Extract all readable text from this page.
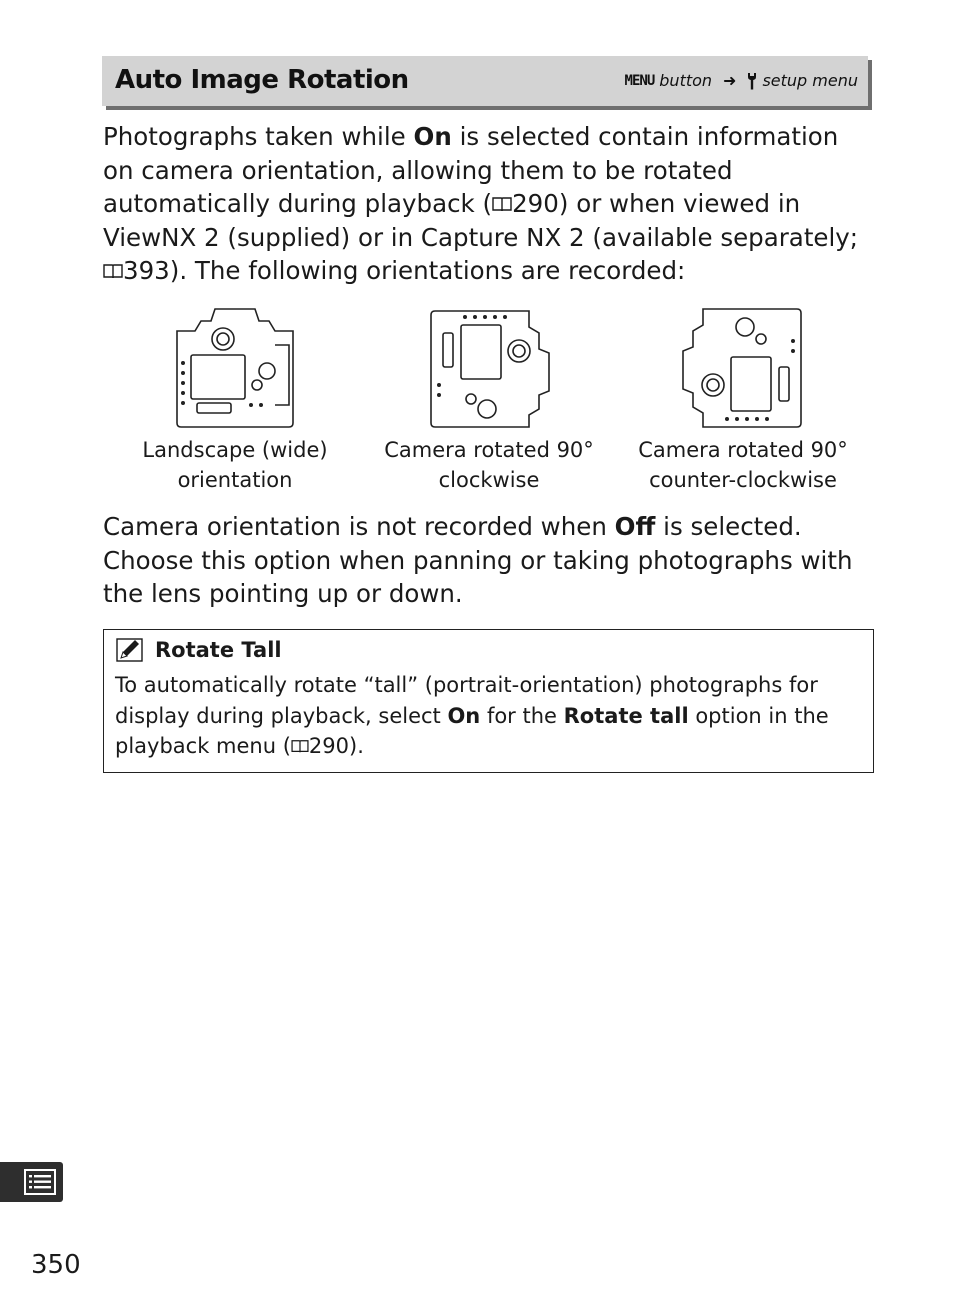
Auto Image Rotation	MENU button ➜ setup menu

Photographs taken while On is selected contain information on camera orientation, allowing them to be rotated automatically during playback ( 290) or when viewed in ViewNX 2 (supplied) or in Capture NX 2 (available separately; 393). The following orientations are recorded:

Landscape (wide)
orientation
Camera rotated 90°
clockwise
Camera rotated 90°
counter-clockwise

Camera orientation is not recorded when Off is selected. Choose this option when panning or taking photographs with the lens pointing up or down.

Rotate Tall

To automatically rotate “tall” (portrait-orientation) photographs for display during playback, select On for the Rotate tall option in the playback menu ( 290).

350
